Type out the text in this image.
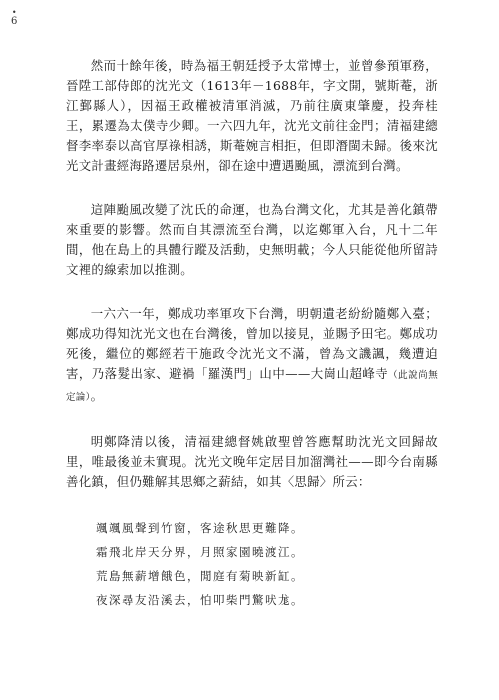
•
6

然而十餘年後，時為福王朝廷授予太常博士，並曾參預軍務，晉陞工部侍郎的沈光文（1613年－1688年，字文開，號斯菴，浙江鄞縣人），因福王政權被清軍消滅，乃前往廣東肇慶，投奔桂王，累遷為太僕寺少卿。一六四九年，沈光文前往金門；清福建總督李率泰以高官厚祿相誘，斯菴婉言相拒，但即潛閩未歸。後來沈光文計畫經海路遷居泉州，卻在途中遭遇颱風，漂流到台灣。

這陣颱風改變了沈氏的命運，也為台灣文化，尤其是善化鎮帶來重要的影響。然而自其漂流至台灣，以迄鄭軍入台，凡十二年間，他在島上的具體行蹤及活動，史無明載；今人只能從他所留詩文裡的線索加以推測。

一六六一年，鄭成功率軍攻下台灣，明朝遺老紛紛隨鄭入臺；鄭成功得知沈光文也在台灣後，曾加以接見，並賜予田宅。鄭成功死後，繼位的鄭經若干施政令沈光文不滿，曾為文譏諷，幾遭迫害，乃落髮出家、避禍「羅漢門」山中——大崗山超峰寺（此說尚無定論）。

明鄭降清以後，清福建總督姚啟聖曾答應幫助沈光文回歸故里，唯最後並未實現。沈光文晚年定居目加溜灣社——即今台南縣善化鎮，但仍難解其思鄉之薪結，如其〈思歸〉所云：

颯颯風聲到竹窗，客途秋思更難降。
霜飛北岸天分界，月照家園曉渡江。
荒島無薪增餓色，閒庭有菊映新缸。
夜深尋友沿溪去，怕叩柴門驚吠尨。
